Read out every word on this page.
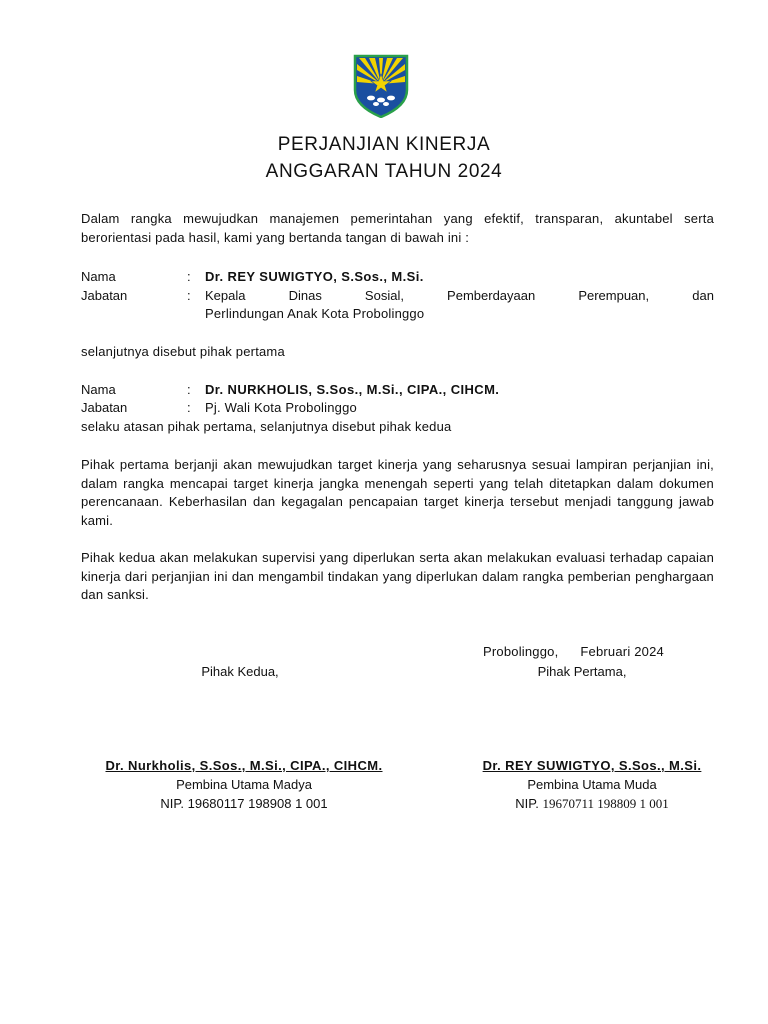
PERJANJIAN KINERJA
ANGGARAN TAHUN 2024
Dalam rangka mewujudkan manajemen pemerintahan yang efektif, transparan, akuntabel serta berorientasi pada hasil, kami yang bertanda tangan di bawah ini :
Nama	: Dr. REY SUWIGTYO, S.Sos., M.Si.
Jabatan	: Kepala	Dinas	Sosial,	Pemberdayaan	Perempuan,	dan
Perlindungan Anak Kota Probolinggo
selanjutnya disebut pihak pertama
Nama	: Dr. NURKHOLIS, S.Sos., M.Si., CIPA., CIHCM.
Jabatan	: Pj. Wali Kota Probolinggo
selaku atasan pihak pertama, selanjutnya disebut pihak kedua
Pihak pertama berjanji akan mewujudkan target kinerja yang seharusnya sesuai lampiran perjanjian ini, dalam rangka mencapai target kinerja jangka menengah seperti yang telah ditetapkan dalam dokumen perencanaan. Keberhasilan dan kegagalan pencapaian target kinerja tersebut menjadi tanggung jawab kami.
Pihak kedua akan melakukan supervisi yang diperlukan serta akan melakukan evaluasi terhadap capaian kinerja dari perjanjian ini dan mengambil tindakan yang diperlukan dalam rangka pemberian penghargaan dan sanksi.
Probolinggo, Februari 2024
Pihak Kedua,
Dr. Nurkholis, S.Sos., M.Si., CIPA., CIHCM.
Pembina Utama Madya
NIP. 19680117 198908 1 001
Pihak Pertama,
Dr. REY SUWIGTYO, S.Sos., M.Si.
Pembina Utama Muda
NIP. 19670711 198809 1 001
